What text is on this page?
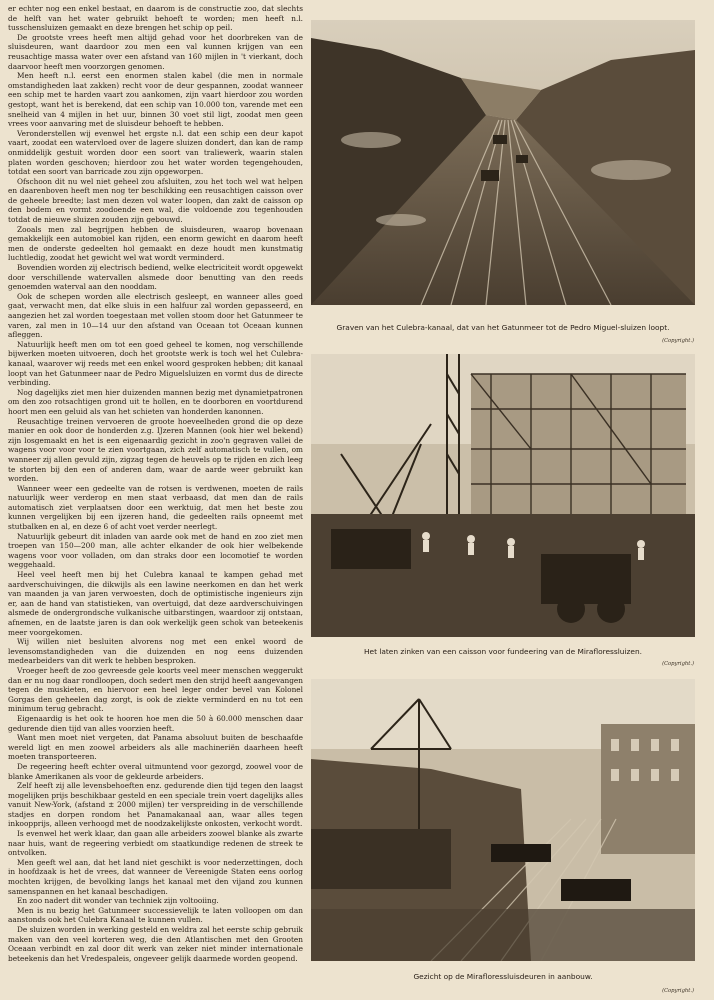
er echter nog een enkel bestaat, en daarom is de constructie zoo, dat slechts de helft van het water gebruikt behoeft te worden; men heeft n.l. tusschensluizen gemaakt en deze brengen het schip op peil.

De grootste vrees heeft men altijd gehad voor het doorbreken van de sluisdeuren, want daardoor zou men een val kunnen krijgen van een reusachtige massa water over een afstand van 160 mijlen in 't vierkant, doch daarvoor heeft men voorzorgen genomen.

Men heeft n.l. eerst een enormen stalen kabel (die men in normale omstandigheden laat zakken) recht voor de deur gespannen, zoodat wanneer een schip met te harden vaart zou aankomen, zijn vaart hierdoor zou worden gestopt, want het is berekend, dat een schip van 10.000 ton, varende met een snelheid van 4 mijlen in het uur, binnen 30 voet stil ligt, zoodat men geen vrees voor aanvaring met de sluisdeur behoeft te hebben.

Veronderstellen wij evenwel het ergste n.l. dat een schip een deur kapot vaart, zoodat een watervloed over de lagere sluizen dondert, dan kan de ramp onmiddelijk gestuit worden door een soort van traliewerk, waarin stalen platen worden geschoven; hierdoor zou het water worden tegengehouden, totdat een soort van barricade zou zijn opgeworpen.

Ofschoon dit nu wel niet geheel zou afsluiten, zou het toch wel wat helpen en daarenboven heeft men nog ter beschikking een reusachtigen caisson over de geheele breedte; last men dezen vol water loopen, dan zakt de caisson op den bodem en vormt zoodoende een wal, die voldoende zou tegenhouden totdat de nieuwe sluizen zouden zijn gebouwd.

Zooals men zal begrijpen hebben de sluisdeuren, waarop bovenaan gemakkelijk een automobiel kan rijden, een enorm gewicht en daarom heeft men de onderste gedeelten hol gemaakt en deze houdt men kunstmatig luchtledig, zoodat het gewicht wel wat wordt verminderd.

Bovendien worden zij electrisch bediend, welke electriciteit wordt opgewekt door verschillende watervallen alsmede door benutting van den reeds genoemden waterval aan den nooddam.

Ook de schepen worden alle electrisch gesleept, en wanneer alles goed gaat, verwacht men, dat elke sluis in een halfuur zal worden gepasseerd, en aangezien het zal worden toegestaan met vollen stoom door het Gatunmeer te varen, zal men in 10—14 uur den afstand van Oceaan tot Oceaan kunnen afleggen.

Natuurlijk heeft men om tot een goed geheel te komen, nog verschillende bijwerken moeten uitvoeren, doch het grootste werk is toch wel het Culebra-kanaal, waarover wij reeds met een enkel woord gesproken hebben; dit kanaal loopt van het Gatunmeer naar de Pedro Miguelsluizen en vormt dus de directe verbinding.

Nog dagelijks ziet men hier duizenden mannen bezig met dynamietpatronen om den zoo rotsachtigen grond uit te hollen, en te doorboren en voortdurend hoort men een geluid als van het schieten van honderden kanonnen.

Reusachtige treinen vervoeren de groote hoeveelheden grond die op deze manier en ook door de honderden z.g. IJzeren Mannen (ook hier wel bekend) zijn losgemaakt en het is een eigenaardig gezicht in zoo'n gegraven vallei de wagens voor voor voor te zien voortgaan, zich zelf automatisch te vullen, om wanneer zij allen gevuld zijn, zigzag tegen de heuvels op te rijden en zich leeg te storten bij den een of anderen dam, waar de aarde weer gebruikt kan worden.

Wanneer weer een gedeelte van de rotsen is verdwenen, moeten de rails natuurlijk weer verderop en men staat verbaasd, dat men dan de rails automatisch ziet verplaatsen door een werktuig, dat men het beste zou kunnen vergelijken bij een ijzeren hand, die gedeelten rails opneemt met stutbalken en al, en deze 6 of acht voet verder neerlegt.

Natuurlijk gebeurt dit inladen van aarde ook met de hand en zoo ziet men troepen van 150—200 man, alle achter elkander de ook hier welbekende wagens voor voor volladen, om dan straks door een locomotief te worden weggehaald.

Heel veel heeft men bij het Culebra kanaal te kampen gehad met aardverschuivingen, die dikwijls als een lawine neerkomen en dan het werk van maanden ja van jaren verwoesten, doch de optimistische ingenieurs zijn er, aan de hand van statistieken, van overtuigd, dat deze aardverschuivingen alsmede de ondergrondsche vulkanische uitbarstingen, waardoor zij ontstaan, afnemen, en de laatste jaren is dan ook werkelijk geen schok van beteekenis meer voorgekomen.

Wij willen niet besluiten alvorens nog met een enkel woord de levensomstandigheden van die duizenden en nog eens duizenden medearbeiders van dit werk te hebben besproken.

Vroeger heeft de zoo gevreesde gele koorts veel meer menschen weggerukt dan er nu nog daar rondloopen, doch sedert men den strijd heeft aangevangen tegen de muskieten, en hiervoor een heel leger onder bevel van Kolonel Gorgas den geheelen dag zorgt, is ook de ziekte verminderd en nu tot een minimum terug gebracht.

Eigenaardig is het ook te hooren hoe men die 50 à 60.000 menschen daar gedurende dien tijd van alles voorzien heeft.

Want men moet niet vergeten, dat Panama absoluut buiten de beschaafde wereld ligt en men zoowel arbeiders als alle machineriën daarheen heeft moeten transporteeren.

De regeering heeft echter overal uitmuntend voor gezorgd, zoowel voor de blanke Amerikanen als voor de gekleurde arbeiders.

Zelf heeft zij alle levensbehoeften enz. gedurende dien tijd tegen den laagst mogelijken prijs beschikbaar gesteld en een speciale trein voert dagelijks alles vanuit New-York, (afstand ± 2000 mijlen) ter verspreiding in de verschillende stadjes en dorpen rondom het Panamakanaal aan, waar alles tegen inkoopprijs, alleen verhoogd met de noodzakelijkste onkosten, verkocht wordt.

Is evenwel het werk klaar, dan gaan alle arbeiders zoowel blanke als zwarte naar huis, want de regeering verbiedt om staatkundige redenen de streek te ontvolken.

Men geeft wel aan, dat het land niet geschikt is voor nederzettingen, doch in hoofdzaak is het de vrees, dat wanneer de Vereenigde Staten eens oorlog mochten krijgen, de bevolking langs het kanaal met den vijand zou kunnen samenspannen en het kanaal beschadigen.

En zoo nadert dit wonder van techniek zijn voltooiing.

Men is nu bezig het Gatunmeer successievelijk te laten volloopen om dan aanstonds ook het Culebra Kanaal te kunnen vullen.

De sluizen worden in werking gesteld en weldra zal het eerste schip gebruik maken van den veel korteren weg, die den Atlantischen met den Grooten Oceaan verbindt en zal door dit werk van zeker niet minder internationale beteekenis dan het Vredespaleis, ongeveer gelijk daarmede worden geopend.

Graven van het Culebra-kanaal, dat van het Gatunmeer tot de Pedro Miguel-sluizen loopt.
(Copyright.)
Het laten zinken van een caisson voor fundeering van de Mirafloressluizen.
(Copyright.)
Gezicht op de Mirafloressluisdeuren in aanbouw.
(Copyright.)
